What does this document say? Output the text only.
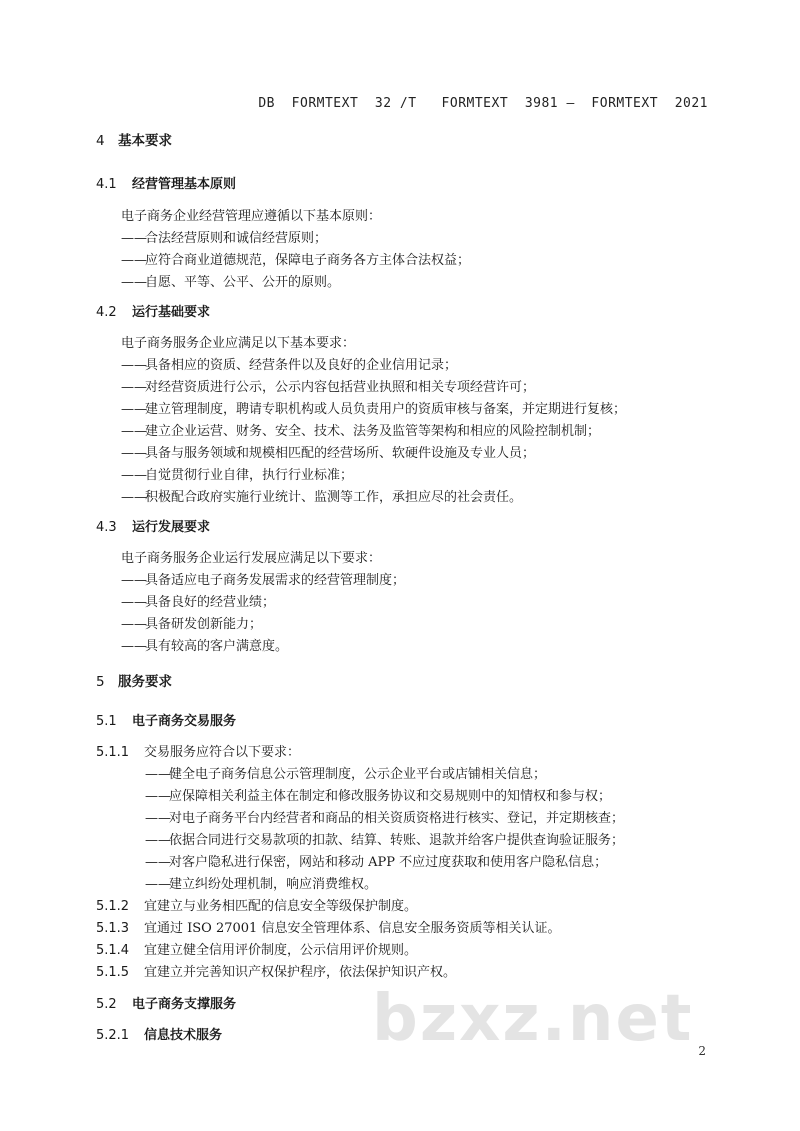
DB  FORMTEXT  32 /T   FORMTEXT  3981 —  FORMTEXT  2021
4 基本要求
4.1 经营管理基本原则
电子商务企业经营管理应遵循以下基本原则：
——合法经营原则和诚信经营原则；
——应符合商业道德规范，保障电子商务各方主体合法权益；
——自愿、平等、公平、公开的原则。
4.2 运行基础要求
电子商务服务企业应满足以下基本要求：
——具备相应的资质、经营条件以及良好的企业信用记录；
——对经营资质进行公示，公示内容包括营业执照和相关专项经营许可；
——建立管理制度，聘请专职机构或人员负责用户的资质审核与备案，并定期进行复核；
——建立企业运营、财务、安全、技术、法务及监管等架构和相应的风险控制机制；
——具备与服务领域和规模相匹配的经营场所、软硬件设施及专业人员；
——自觉贯彻行业自律，执行行业标准；
——积极配合政府实施行业统计、监测等工作，承担应尽的社会责任。
4.3 运行发展要求
电子商务服务企业运行发展应满足以下要求：
——具备适应电子商务发展需求的经营管理制度；
——具备良好的经营业绩；
——具备研发创新能力；
——具有较高的客户满意度。
5 服务要求
5.1 电子商务交易服务
5.1.1 交易服务应符合以下要求：
——健全电子商务信息公示管理制度，公示企业平台或店铺相关信息；
——应保障相关利益主体在制定和修改服务协议和交易规则中的知情权和参与权；
——对电子商务平台内经营者和商品的相关资质资格进行核实、登记，并定期核查；
——依据合同进行交易款项的扣款、结算、转账、退款并给客户提供查询验证服务；
——对客户隐私进行保密，网站和移动 APP 不应过度获取和使用客户隐私信息；
——建立纠纷处理机制，响应消费维权。
5.1.2 宜建立与业务相匹配的信息安全等级保护制度。
5.1.3 宜通过 ISO 27001 信息安全管理体系、信息安全服务资质等相关认证。
5.1.4 宜建立健全信用评价制度，公示信用评价规则。
5.1.5 宜建立并完善知识产权保护程序，依法保护知识产权。
5.2 电子商务支撑服务
5.2.1 信息技术服务 bzxz.net 2
